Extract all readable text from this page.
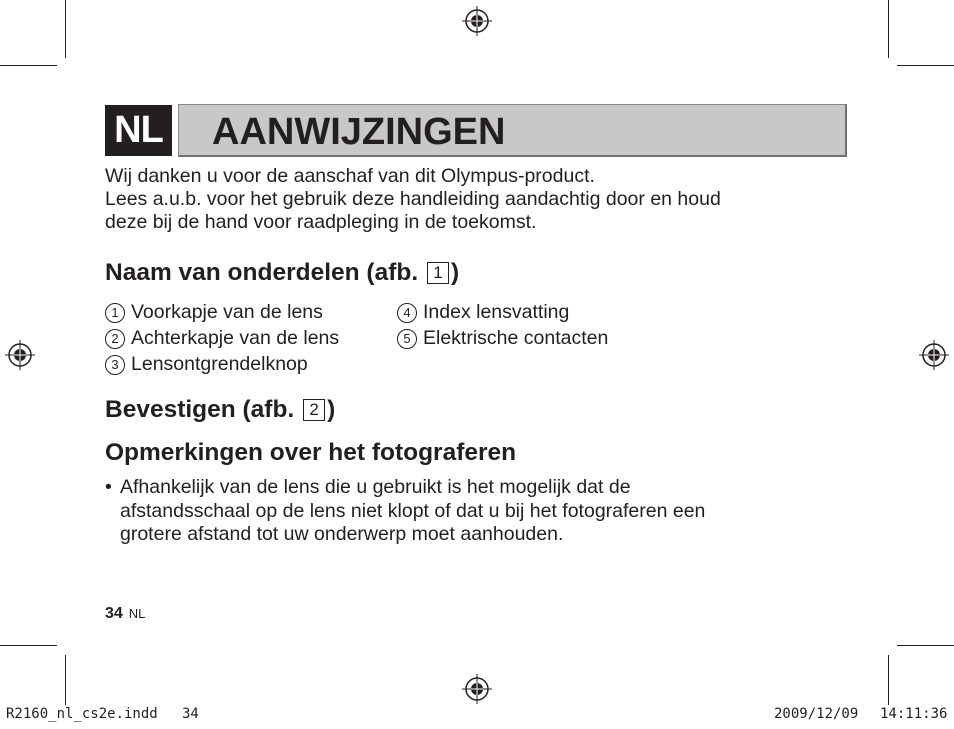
NL AANWIJZINGEN
Wij danken u voor de aanschaf van dit Olympus-product.
Lees a.u.b. voor het gebruik deze handleiding aandachtig door en houd
deze bij de hand voor raadpleging in de toekomst.
Naam van onderdelen (afb. 1 )
1 Voorkapje van de lens
2 Achterkapje van de lens
3 Lensontgrendelknop
4 Index lensvatting
5 Elektrische contacten
Bevestigen (afb. 2 )
Opmerkingen over het fotograferen
• Afhankelijk van de lens die u gebruikt is het mogelijk dat de
afstandsschaal op de lens niet klopt of dat u bij het fotograferen een
grotere afstand tot uw onderwerp moet aanhouden.
34 NL
R2160_nl_cs2e.indd 34	2009/12/09 14:11:36
